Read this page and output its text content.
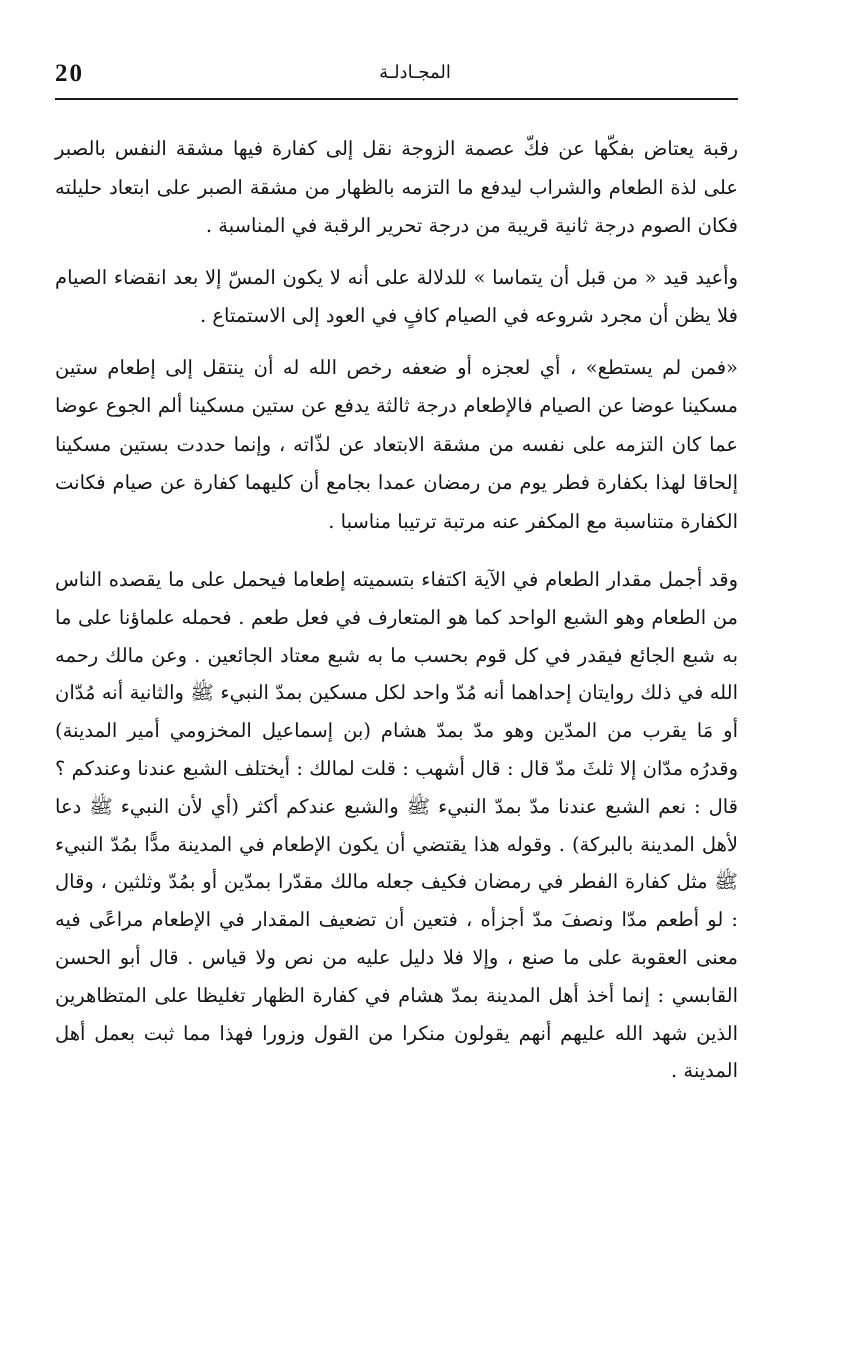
20	المجـادلـة

رقبة يعتاض بفكّها عن فكّ عصمة الزوجة نقل إلى كفارة فيها مشقة النفس بالصبر على لذة الطعام والشراب ليدفع ما التزمه بالظهار من مشقة الصبر على ابتعاد حليلته فكان الصوم درجة ثانية قريبة من درجة تحرير الرقبة في المناسبة .

وأعيد قيد « من قبل أن يتماسا » للدلالة على أنه لا يكون المسّ إلا بعد انقضاء الصيام فلا يظن أن مجرد شروعه في الصيام كافٍ في العود إلى الاستمتاع .

«فمن لم يستطع» ، أي لعجزه أو ضعفه رخص الله له أن ينتقل إلى إطعام ستين مسكينا عوضا عن الصيام فالإطعام درجة ثالثة يدفع عن ستين مسكينا ألم الجوع عوضا عما كان التزمه على نفسه من مشقة الابتعاد عن لذّاته ، وإنما حددت بستين مسكينا إلحاقا لهذا بكفارة فطر يوم من رمضان عمدا بجامع أن كليهما كفارة عن صيام فكانت الكفارة متناسبة مع المكفر عنه مرتبة ترتيبا مناسبا .

وقد أجمل مقدار الطعام في الآية اكتفاء بتسميته إطعاما فيحمل على ما يقصده الناس من الطعام وهو الشبع الواحد كما هو المتعارف في فعل طعم . فحمله علماؤنا على ما به شبع الجائع فيقدر في كل قوم بحسب ما به شبع معتاد الجائعين . وعن مالك رحمه الله في ذلك روايتان إحداهما أنه مُدّ واحد لكل مسكين بمدّ النبيء ﷺ والثانية أنه مُدّان أو مَا يقرب من المدّين وهو مدّ بمدّ هشام (بن إسماعيل المخزومي أمير المدينة) وقدرُه مدّان إلا ثلثَ مدّ قال : قال أشهب : قلت لمالك : أيختلف الشبع عندنا وعندكم ؟ قال : نعم الشبع عندنا مدّ بمدّ النبيء ﷺ والشبع عندكم أكثر (أي لأن النبيء ﷺ دعا لأهل المدينة بالبركة) . وقوله هذا يقتضي أن يكون الإطعام في المدينة مدًّا بمُدّ النبيء ﷺ مثل كفارة الفطر في رمضان فكيف جعله مالك مقدّرا بمدّين أو بمُدّ وثلثين ، وقال : لو أطعم مدّا ونصفَ مدّ أجزأه ، فتعين أن تضعيف المقدار في الإطعام مراعًى فيه معنى العقوبة على ما صنع ، وإلا فلا دليل عليه من نص ولا قياس . قال أبو الحسن القابسي : إنما أخذ أهل المدينة بمدّ هشام في كفارة الظهار تغليظا على المتظاهرين الذين شهد الله عليهم أنهم يقولون منكرا من القول وزورا فهذا مما ثبت بعمل أهل المدينة .
